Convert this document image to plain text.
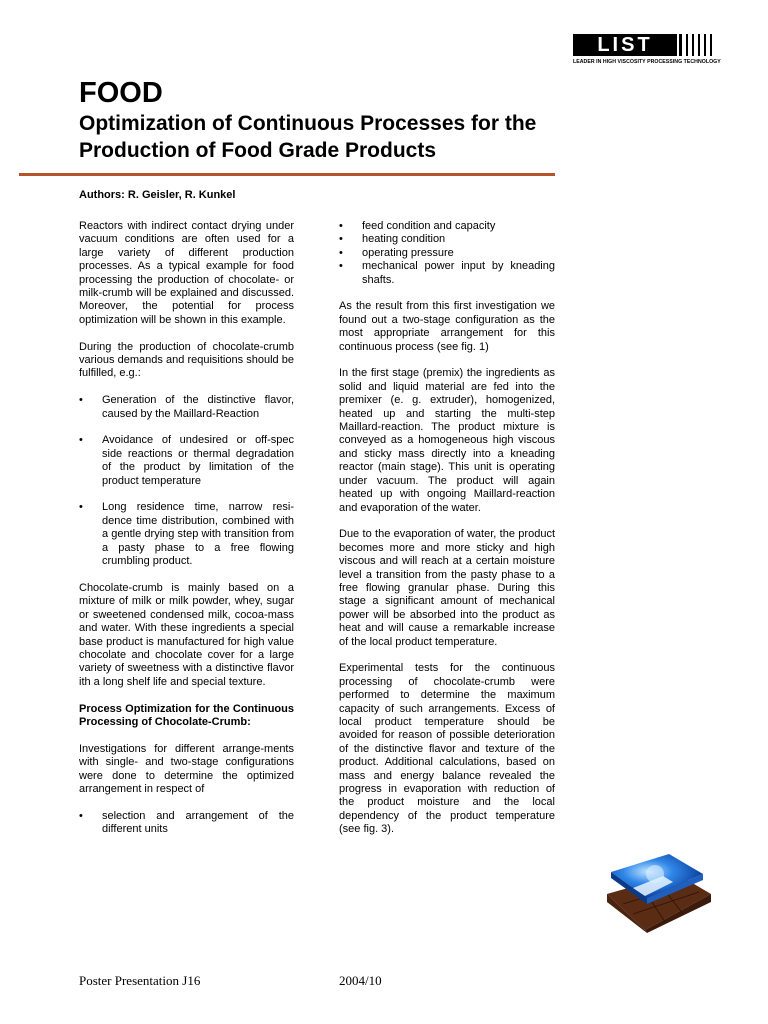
LIST
LEADER IN HIGH VISCOSITY PROCESSING TECHNOLOGY
FOOD
Optimization of Continuous Processes for the Production of Food Grade Products

Authors: R. Geisler, R. Kunkel

Reactors with indirect contact drying under vacuum conditions are often used for a large variety of different production processes. As a typical example for food processing the production of chocolate- or milk-crumb will be explained and discussed. Moreover, the potential for process optimization will be shown in this example.

During the production of chocolate-crumb various demands and requisitions should be fulfilled, e.g.:

• Generation of the distinctive flavor, caused by the Maillard-Reaction
• Avoidance of undesired or off-spec side reactions or thermal degradation of the product by limitation of the product temperature
• Long residence time, narrow resi-dence time distribution, combined with a gentle drying step with transition from a pasty phase to a free flowing crumbling product.

Chocolate-crumb is mainly based on a mixture of milk or milk powder, whey, sugar or sweetened condensed milk, cocoa-mass and water. With these ingredients a special base product is manufactured for high value chocolate and chocolate cover for a large variety of sweetness with a distinctive flavor ith a long shelf life and special texture.

Process Optimization for the Continuous Processing of Chocolate-Crumb:

Investigations for different arrange-ments with single- and two-stage configurations were done to determine the optimized arrangement in respect of

• selection and arrangement of the different units
• feed condition and capacity
• heating condition
• operating pressure
• mechanical power input by kneading shafts.

As the result from this first investigation we found out a two-stage configuration as the most appropriate arrangement for this continuous process (see fig. 1)

In the first stage (premix) the ingredients as solid and liquid material are fed into the premixer (e. g. extruder), homogenized, heated up and starting the multi-step Maillard-reaction. The product mixture is conveyed as a homogeneous high viscous and sticky mass directly into a kneading reactor (main stage). This unit is operating under vacuum. The product will again heated up with ongoing Maillard-reaction and evaporation of the water.

Due to the evaporation of water, the product becomes more and more sticky and high viscous and will reach at a certain moisture level a transition from the pasty phase to a free flowing granular phase. During this stage a significant amount of mechanical power will be absorbed into the product as heat and will cause a remarkable increase of the local product temperature.

Experimental tests for the continuous processing of chocolate-crumb were performed to determine the maximum capacity of such arrangements. Excess of local product temperature should be avoided for reason of possible deterioration of the distinctive flavor and texture of the product. Additional calculations, based on mass and energy balance revealed the progress in evaporation with reduction of the product moisture and the local dependency of the product temperature (see fig. 3).

Poster Presentation J16	2004/10
